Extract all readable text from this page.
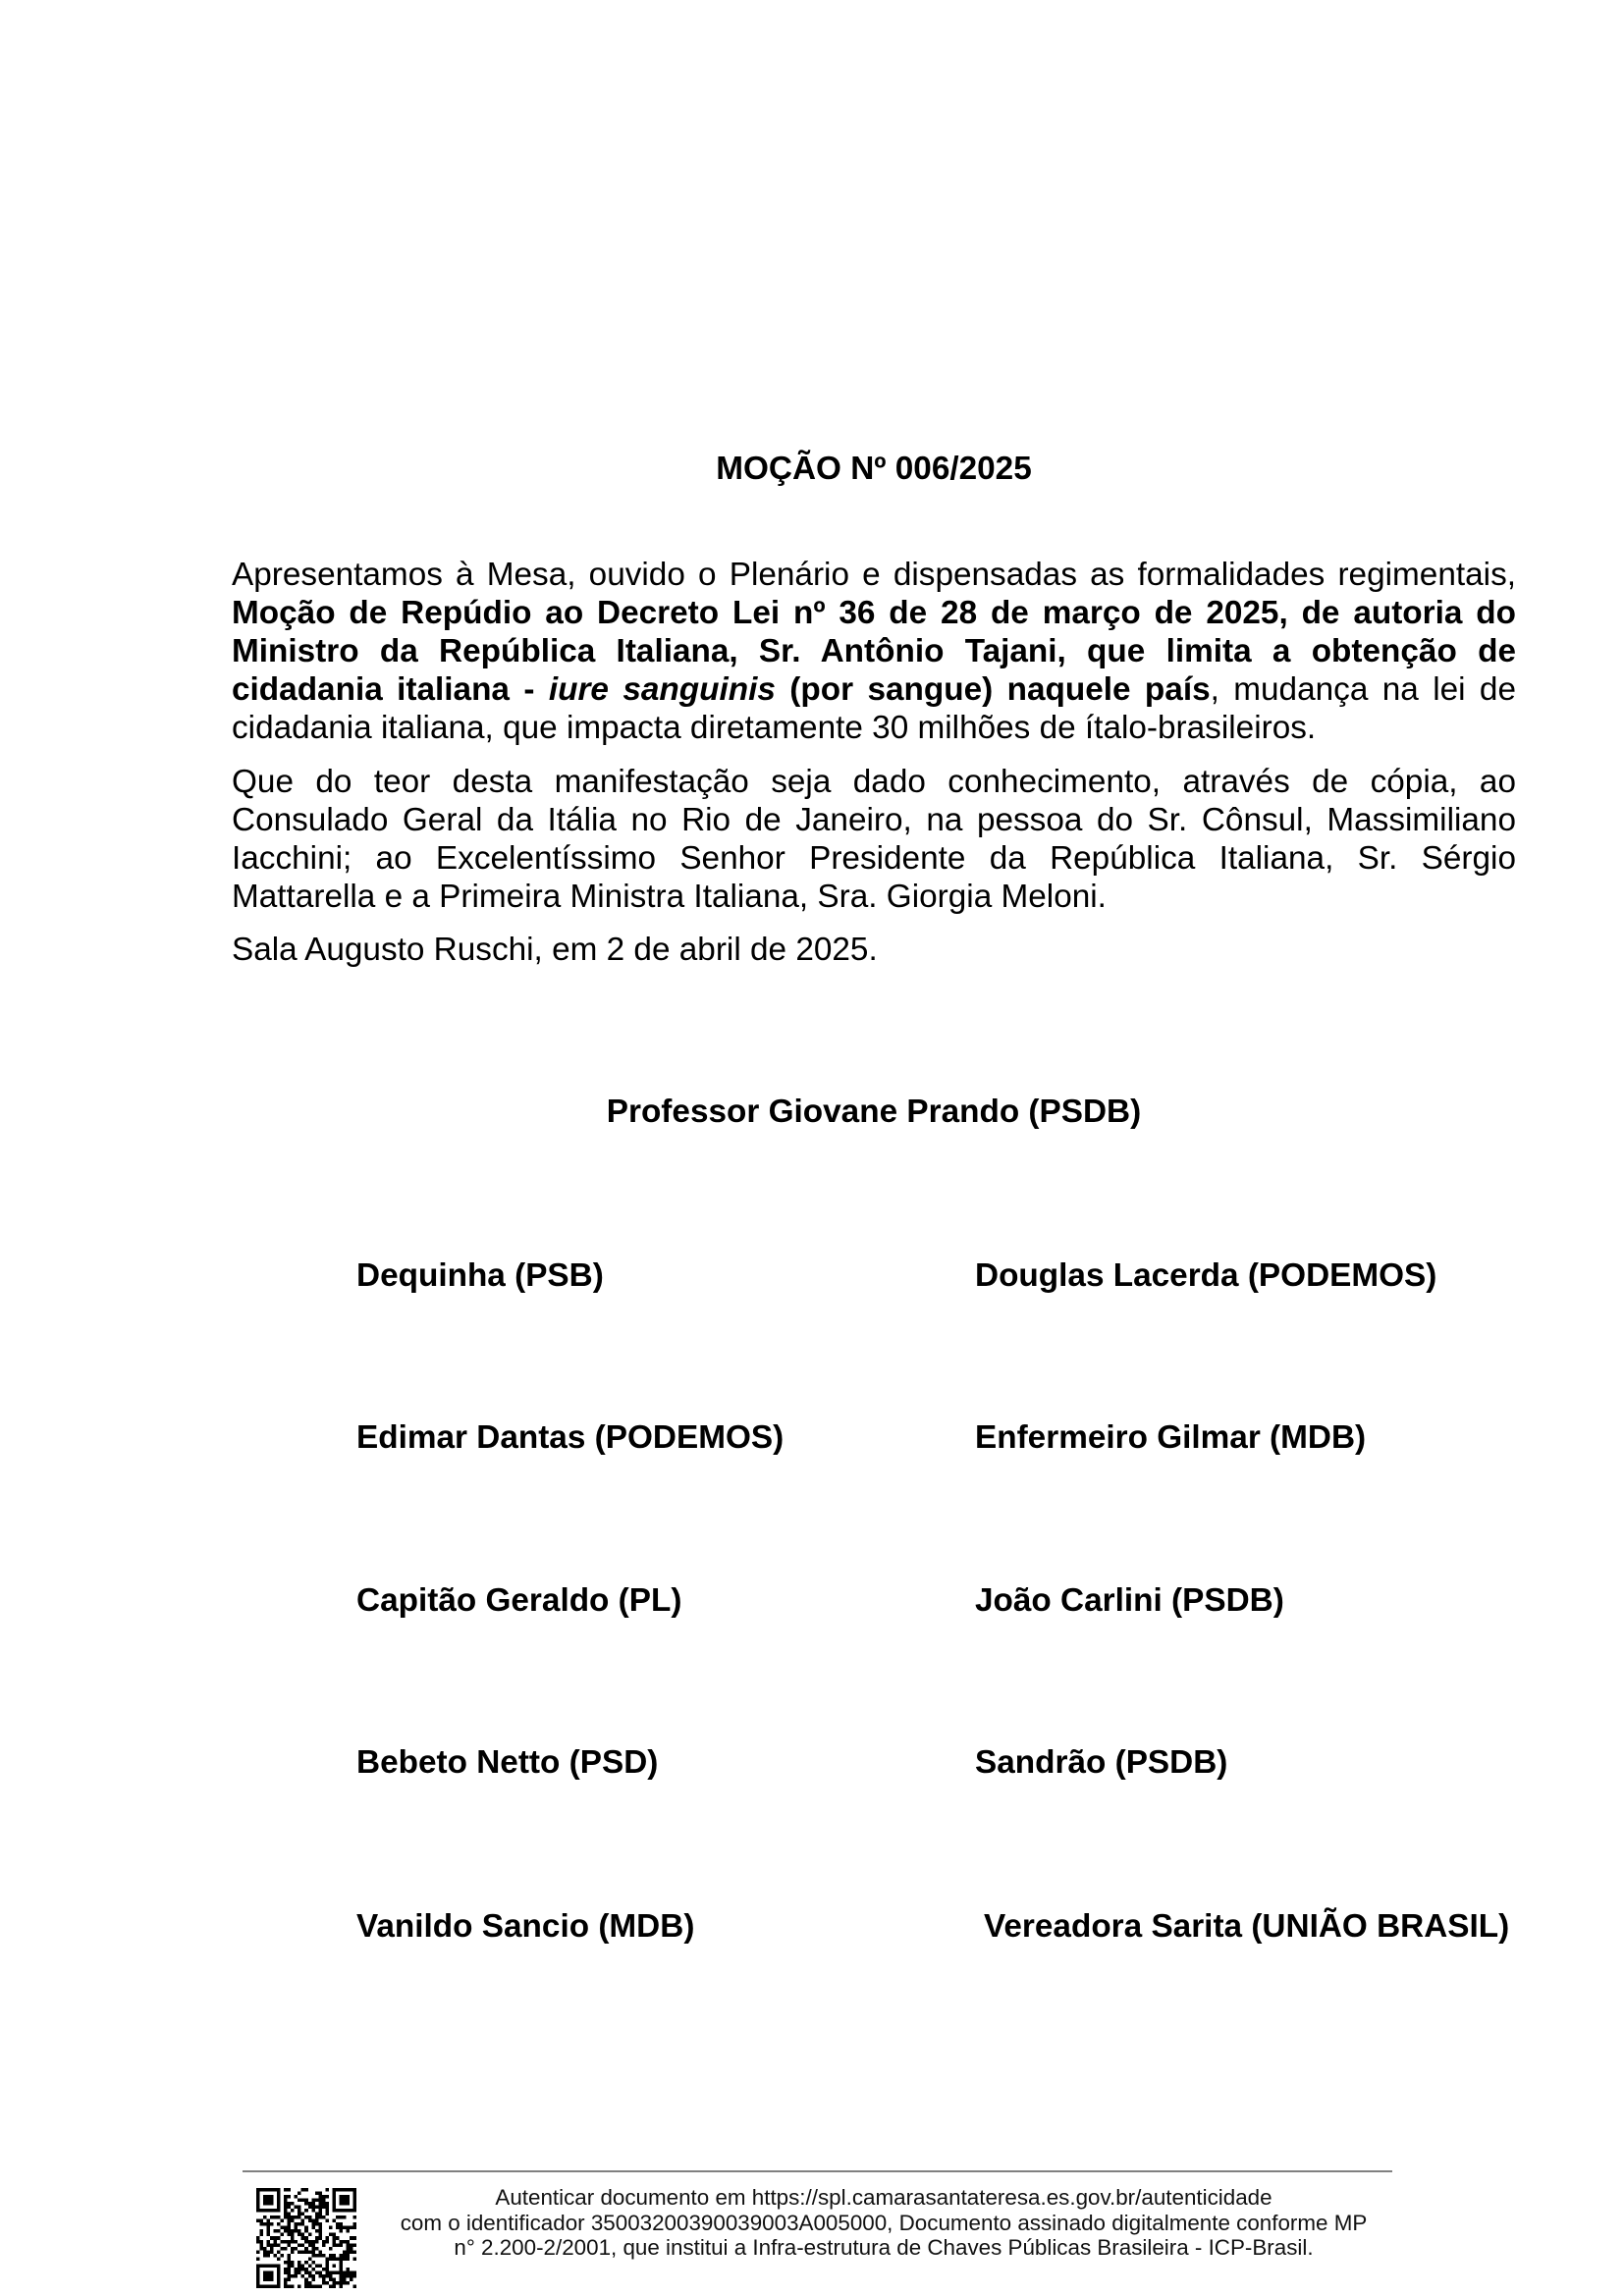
MOÇÃO Nº 006/2025

Apresentamos à Mesa, ouvido o Plenário e dispensadas as formalidades regimentais, Moção de Repúdio ao Decreto Lei nº 36 de 28 de março de 2025, de autoria do Ministro da República Italiana, Sr. Antônio Tajani, que limita a obtenção de cidadania italiana - iure sanguinis (por sangue) naquele país, mudança na lei de cidadania italiana, que impacta diretamente 30 milhões de ítalo-brasileiros.

Que do teor desta manifestação seja dado conhecimento, através de cópia, ao Consulado Geral da Itália no Rio de Janeiro, na pessoa do Sr. Cônsul, Massimiliano Iacchini; ao Excelentíssimo Senhor Presidente da República Italiana, Sr. Sérgio Mattarella e a Primeira Ministra Italiana, Sra. Giorgia Meloni.

Sala Augusto Ruschi, em 2 de abril de 2025.

Professor Giovane Prando (PSDB)
Dequinha (PSB)	Douglas Lacerda (PODEMOS)
Edimar Dantas (PODEMOS)	Enfermeiro Gilmar (MDB)
Capitão Geraldo (PL)	João Carlini (PSDB)
Bebeto Netto (PSD)	Sandrão (PSDB)
Vanildo Sancio (MDB)	Vereadora Sarita (UNIÃO BRASIL)
Autenticar documento em https://spl.camarasantateresa.es.gov.br/autenticidade
com o identificador 35003200390039003A005000, Documento assinado digitalmente conforme MP
n° 2.200-2/2001, que institui a Infra-estrutura de Chaves Públicas Brasileira - ICP-Brasil.
